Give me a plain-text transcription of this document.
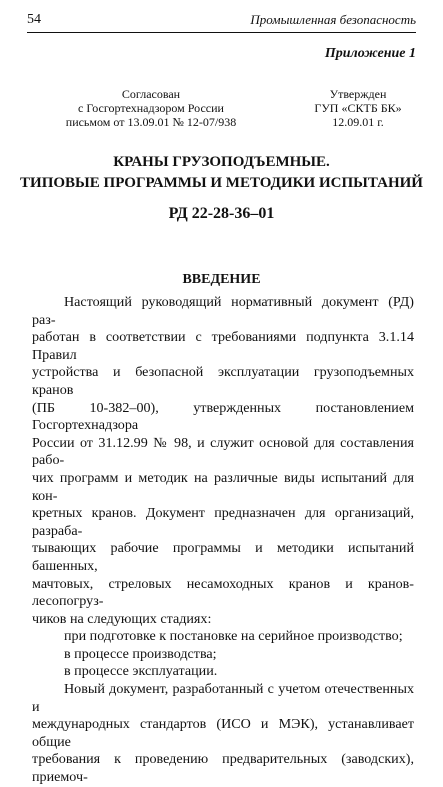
54	Промышленная безопасность
Приложение 1
Согласован
с Госгортехнадзором России
письмом от 13.09.01 № 12-07/938
Утвержден
ГУП «СКТБ БК»
12.09.01 г.
КРАНЫ ГРУЗОПОДЪЕМНЫЕ.
ТИПОВЫЕ ПРОГРАММЫ И МЕТОДИКИ ИСПЫТАНИЙ
РД 22-28-36–01
ВВЕДЕНИЕ
Настоящий руководящий нормативный документ (РД) раз-
работан в соответствии с требованиями подпункта 3.1.14 Правил
устройства и безопасной эксплуатации грузоподъемных кранов
(ПБ 10-382–00), утвержденных постановлением Госгортехнадзора
России от 31.12.99 № 98, и служит основой для составления рабо-
чих программ и методик на различные виды испытаний для кон-
кретных кранов. Документ предназначен для организаций, разраба-
тывающих рабочие программы и методики испытаний башенных,
мачтовых, стреловых несамоходных кранов и кранов-лесопогруз-
чиков на следующих стадиях:
при подготовке к постановке на серийное производство;
в процессе производства;
в процессе эксплуатации.
Новый документ, разработанный с учетом отечественных и
международных стандартов (ИСО и МЭК), устанавливает общие
требования к проведению предварительных (заводских), приемоч-
